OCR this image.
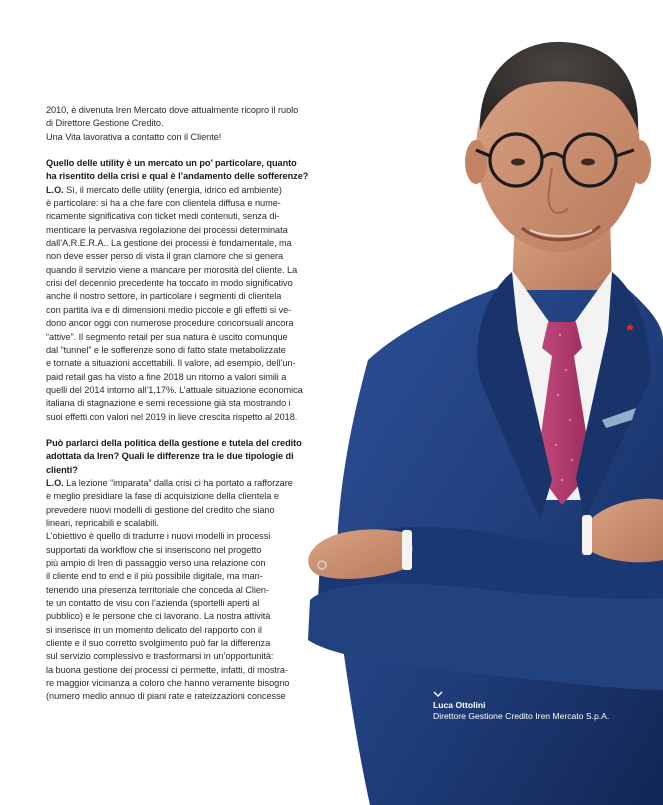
2010, è divenuta Iren Mercato dove attualmente ricopro il ruolo
di Direttore Gestione Credito.
Una Vita lavorativa a contatto con il Cliente!

Quello delle utility è un mercato un po’ particolare, quanto
ha risentito della crisi e qual è l’andamento delle sofferenze?

L.O. Sì, il mercato delle utility (energia, idrico ed ambiente)
è particolare: si ha a che fare con clientela diffusa e nume-
ricamente significativa con ticket medi contenuti, senza di-
menticare la pervasiva regolazione dei processi determinata
dall’A.R.E.R.A.. La gestione dei processi è fondamentale, ma
non deve esser perso di vista il gran clamore che si genera
quando il servizio viene a mancare per morosità del cliente. La
crisi del decennio precedente ha toccato in modo significativo
anche il nostro settore, in particolare i segmenti di clientela
con partita iva e di dimensioni medio piccole e gli effetti si ve-
dono ancor oggi con numerose procedure concorsuali ancora
“attive”. Il segmento retail per sua natura è uscito comunque
dal “tunnel” e le sofferenze sono di fatto state metabolizzate
e tornate a situazioni accettabili. Il valore, ad esempio, dell’un-
paid retail gas ha visto a fine 2018 un ritorno a valori simili a
quelli del 2014 intorno all’1,17%. L’attuale situazione economica
italiana di stagnazione e semi recessione già sta mostrando i
suoi effetti con valori nel 2019 in lieve crescita rispetto al 2018.

Può parlarci della politica della gestione e tutela del credito
adottata da Iren? Quali le differenze tra le due tipologie di
clienti?

L.O. La lezione “imparata” dalla crisi ci ha portato a rafforzare
e meglio presidiare la fase di acquisizione della clientela e
prevedere nuovi modelli di gestione del credito che siano
lineari, repricabili e scalabili.
L’obiettivo è quello di tradurre i nuovi modelli in processi
supportati da workflow che si inseriscono nel progetto
più ampio di Iren di passaggio verso una relazione con
il cliente end to end e il più possibile digitale, ma man-
tenendo una presenza territoriale che conceda al Clien-
te un contatto de visu con l’azienda (sportelli aperti al
pubblico) e le persone che ci lavorano. La nostra attività
si inserisce in un momento delicato del rapporto con il
cliente e il suo corretto svolgimento può far la differenza
sul servizio complessivo e trasformarsi in un’opportunità:
la buona gestione dei processi ci permette, infatti, di mostra-
re maggior vicinanza a coloro che hanno veramente bisogno
(numero medio annuo di piani rate e rateizzazioni concesse

Luca Ottolini
Direttore Gestione Credito Iren Mercato S.p.A.
